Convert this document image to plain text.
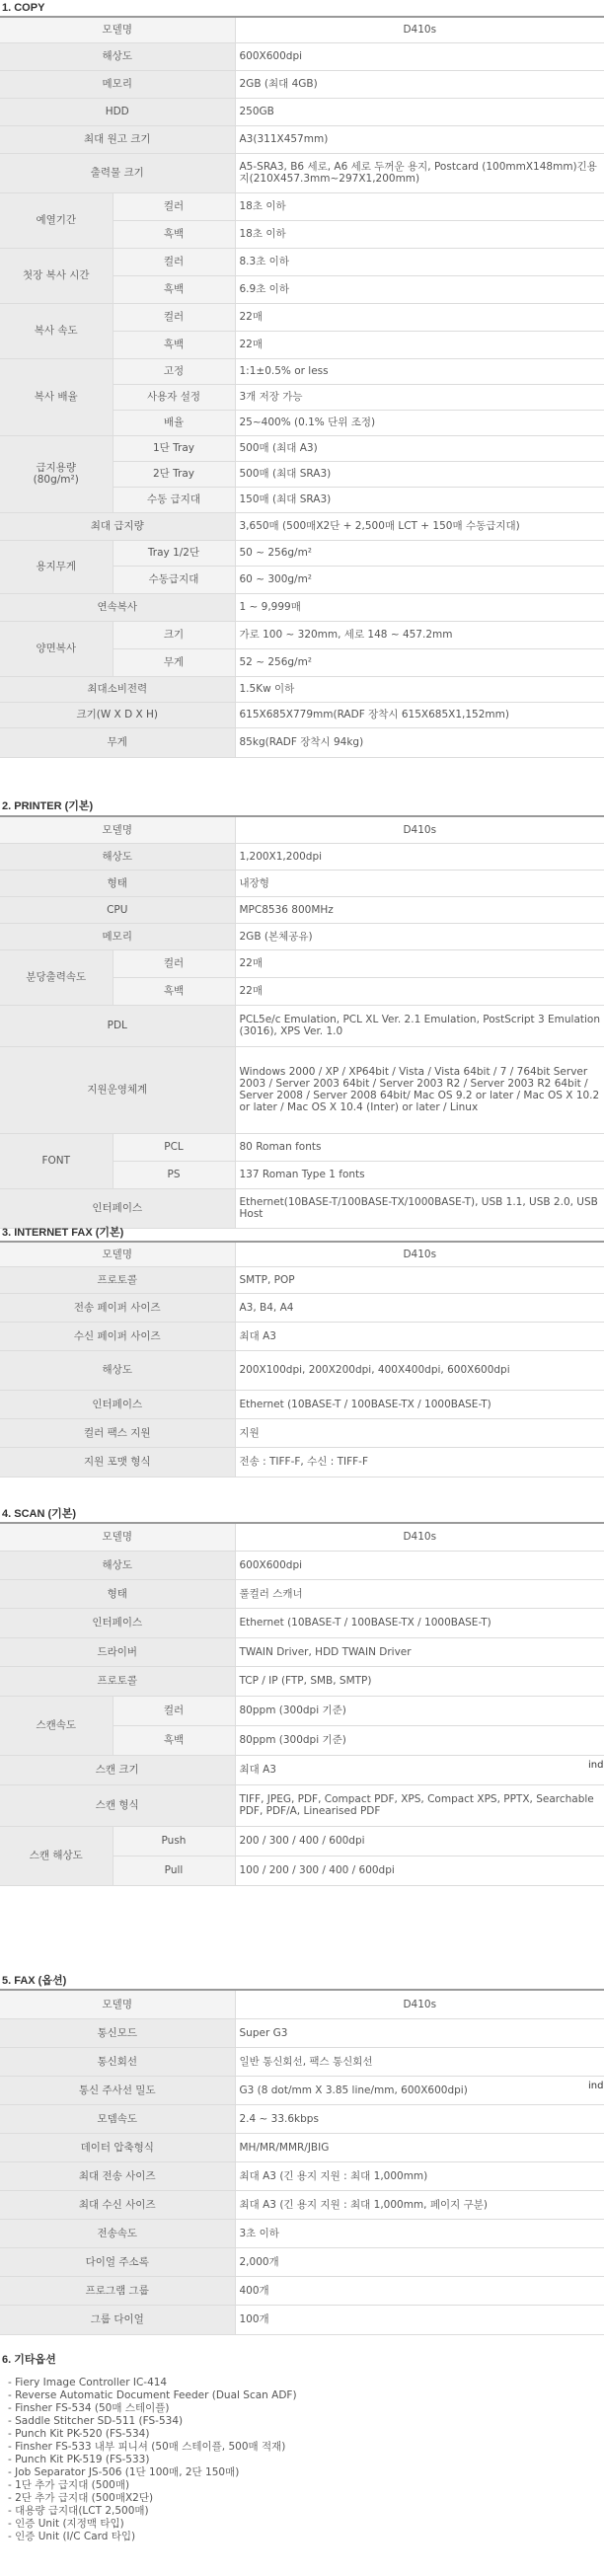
1. COPY
모델명		D410s
해상도		600X600dpi
메모리		2GB (최대 4GB)
HDD		250GB
최대 원고 크기		A3(311X457mm)
출력물 크기		A5-SRA3, B6 세로, A6 세로 두꺼운 용지, Postcard (100mmX148mm)긴용지(210X457.3mm~297X1,200mm)
예열기간	컬러	18초 이하
	흑백	18초 이하
첫장 복사 시간	컬러	8.3초 이하
	흑백	6.9초 이하
복사 속도	컬러	22매
	흑백	22매
복사 배율	고정	1:1±0.5% or less
	사용자 설정	3개 저장 가능
	배율	25~400% (0.1% 단위 조정)

급지용량
(80g/m²)	1단 Tray	500매 (최대 A3)
	2단 Tray	500매 (최대 SRA3)
	수동 급지대	150매 (최대 SRA3)
최대 급지량		3,650매 (500매X2단 + 2,500매 LCT + 150매 수동급지대)
용지무게	Tray 1/2단	50 ~ 256g/m²
	수동급지대	60 ~ 300g/m²
연속복사		1 ~ 9,999매
양면복사	크기	가로 100 ~ 320mm, 세로 148 ~ 457.2mm
	무게	52 ~ 256g/m²
최대소비전력		1.5Kw 이하
크기(W X D X H)		615X685X779mm(RADF 장착시 615X685X1,152mm)
무게		85kg(RADF 장착시 94kg)
2. PRINTER (기본)
모델명		D410s
해상도		1,200X1,200dpi
형태		내장형
CPU		MPC8536 800MHz
메모리		2GB (본체공유)
분당출력속도	컬러	22매
	흑백	22매
PDL		PCL5e/c Emulation, PCL XL Ver. 2.1 Emulation, PostScript 3 Emulation (3016), XPS Ver. 1.0
지원운영체계		Windows 2000 / XP / XP64bit / Vista / Vista 64bit / 7 / 764bit Server 2003 / Server 2003 64bit / Server 2003 R2 / Server 2003 R2 64bit / Server 2008 / Server 2008 64bit/ Mac OS 9.2 or later / Mac OS X 10.2 or later / Mac OS X 10.4 (Inter) or later / Linux
FONT	PCL	80 Roman fonts
	PS	137 Roman Type 1 fonts
인터페이스		Ethernet(10BASE-T/100BASE-TX/1000BASE-T), USB 1.1, USB 2.0, USB Host
3. INTERNET FAX (기본)
모델명	D410s
프로토콜	SMTP, POP
전송 페이퍼 사이즈	A3, B4, A4
수신 페이퍼 사이즈	최대 A3
해상도	200X100dpi, 200X200dpi, 400X400dpi, 600X600dpi
인터페이스	Ethernet (10BASE-T / 100BASE-TX / 1000BASE-T)
컬러 팩스 지원	지원
지원 포맷 형식	전송 : TIFF-F, 수신 : TIFF-F
4. SCAN (기본)
모델명		D410s
해상도		600X600dpi
형태		풀컬러 스캐너
인터페이스		Ethernet (10BASE-T / 100BASE-TX / 1000BASE-T)
드라이버		TWAIN Driver, HDD TWAIN Driver
프로토콜		TCP / IP (FTP, SMB, SMTP)
스캔속도	컬러	80ppm (300dpi 기준)
	흑백	80ppm (300dpi 기준)
스캔 크기		최대 A3
스캔 형식		TIFF, JPEG, PDF, Compact PDF, XPS, Compact XPS, PPTX, Searchable PDF, PDF/A, Linearised PDF
스캔 해상도	Push	200 / 300 / 400 / 600dpi
	Pull	100 / 200 / 300 / 400 / 600dpi
ind
5. FAX (옵션)
모델명	D410s
통신모드	Super G3
통신회선	일반 통신회선, 팩스 통신회선
통신 주사선 밀도	G3 (8 dot/mm X 3.85 line/mm, 600X600dpi)
모뎀속도	2.4 ~ 33.6kbps
데이터 압축형식	MH/MR/MMR/JBIG
최대 전송 사이즈	최대 A3 (긴 용지 지원 : 최대 1,000mm)
최대 수신 사이즈	최대 A3 (긴 용지 지원 : 최대 1,000mm, 페이지 구분)
전송속도	3초 이하
다이얼 주소록	2,000개
프로그램 그룹	400개
그룹 다이얼	100개
ind
6. 기타옵션
- Fiery Image Controller IC-414
- Reverse Automatic Document Feeder (Dual Scan ADF)
- Finsher FS-534 (50매 스테이플)
- Saddle Stitcher SD-511 (FS-534)
- Punch Kit PK-520 (FS-534)
- Finsher FS-533 내부 피니셔 (50매 스테이플, 500매 적재)
- Punch Kit PK-519 (FS-533)
- Job Separator JS-506 (1단 100매, 2단 150매)
- 1단 추가 급지대 (500매)
- 2단 추가 급지대 (500매X2단)
- 대용량 급지대(LCT 2,500매)
- 인증 Unit (지정맥 타입)
- 인증 Unit (I/C Card 타입)
